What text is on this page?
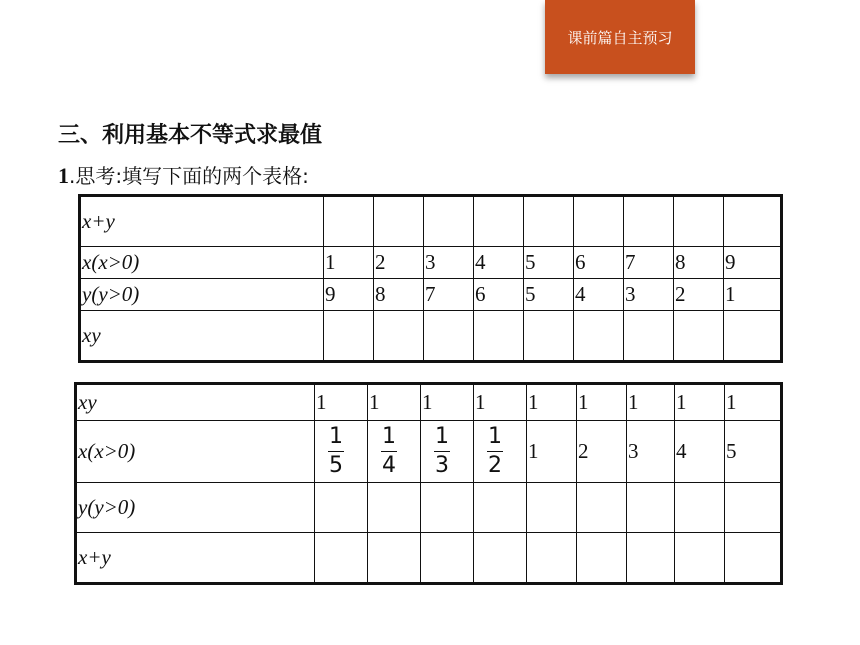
课前篇自主预习
三、利用基本不等式求最值
1.思考:填写下面的两个表格:
x+y									
x(x>0)	1	2	3	4	5	6	7	8	9
y(y>0)	9	8	7	6	5	4	3	2	1
xy									
xy	1	1	1	1	1	1	1	1	1
x(x>0)	$\frac{1}{5}$	$\frac{1}{4}$	$\frac{1}{3}$	$\frac{1}{2}$	1	2	3	4	5
y(y>0)									
x+y									
